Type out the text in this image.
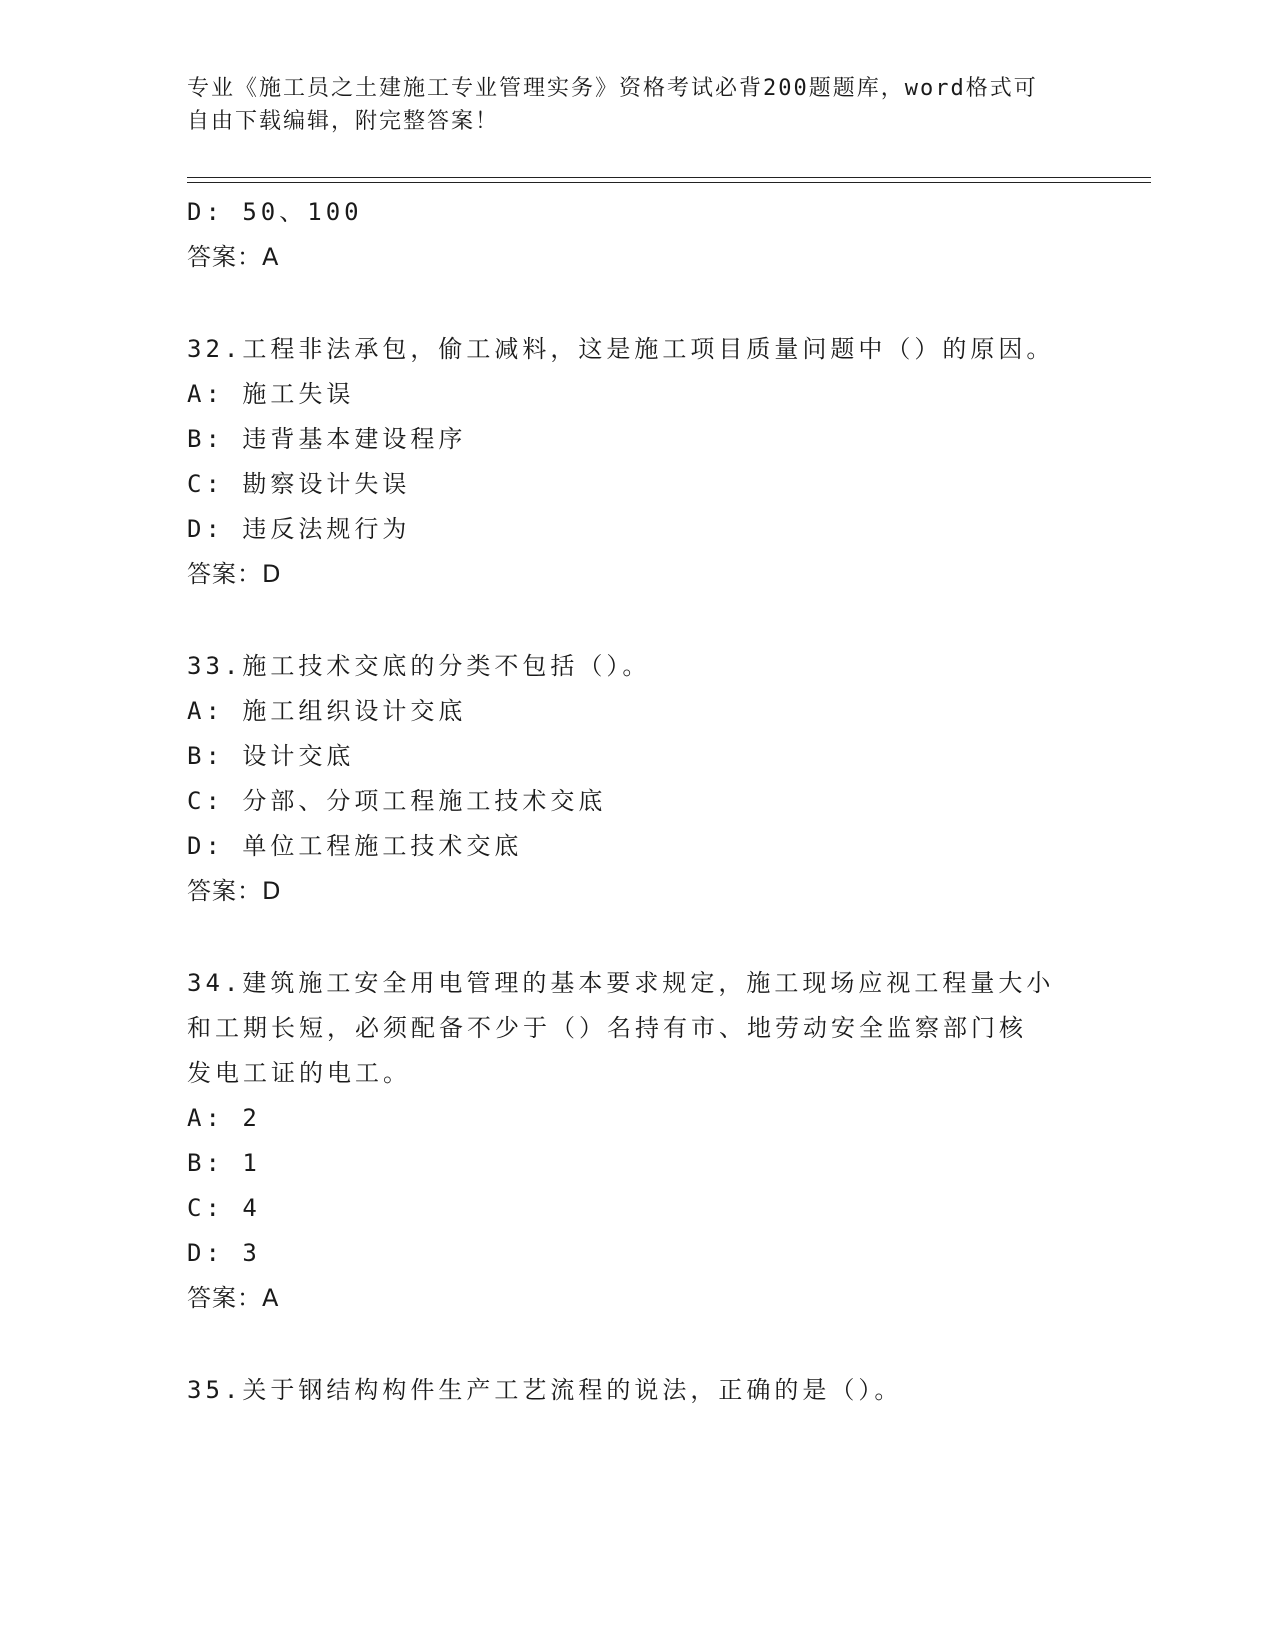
专业《施工员之土建施工专业管理实务》资格考试必背200题题库，word格式可
自由下载编辑，附完整答案！
D: 50、100
答案：A
32.工程非法承包，偷工减料，这是施工项目质量问题中（）的原因。
A: 施工失误
B: 违背基本建设程序
C: 勘察设计失误
D: 违反法规行为
答案：D
33.施工技术交底的分类不包括（）。
A: 施工组织设计交底
B: 设计交底
C: 分部、分项工程施工技术交底
D: 单位工程施工技术交底
答案：D
34.建筑施工安全用电管理的基本要求规定，施工现场应视工程量大小
和工期长短，必须配备不少于（）名持有市、地劳动安全监察部门核
发电工证的电工。
A: 2
B: 1
C: 4
D: 3
答案：A
35.关于钢结构构件生产工艺流程的说法，正确的是（）。
